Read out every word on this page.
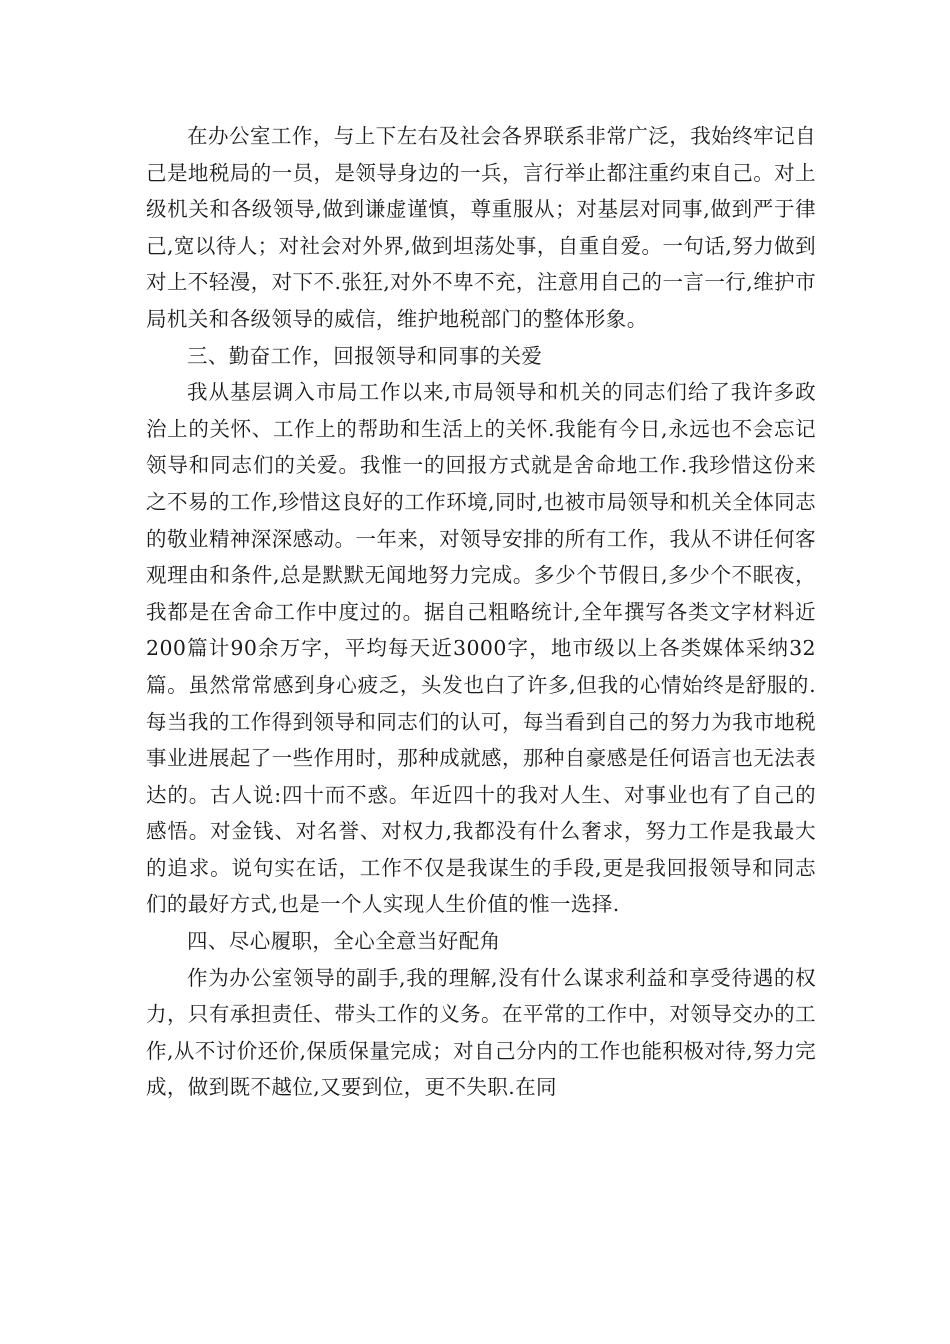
在办公室工作，与上下左右及社会各界联系非常广泛，我始终牢记自己是地税局的一员，是领导身边的一兵，言行举止都注重约束自己。对上级机关和各级领导,做到谦虚谨慎，尊重服从；对基层对同事,做到严于律己,宽以待人；对社会对外界,做到坦荡处事，自重自爱。一句话,努力做到对上不轻漫，对下不.张狂,对外不卑不充，注意用自己的一言一行,维护市局机关和各级领导的威信，维护地税部门的整体形象。

三、勤奋工作，回报领导和同事的关爱

我从基层调入市局工作以来,市局领导和机关的同志们给了我许多政治上的关怀、工作上的帮助和生活上的关怀.我能有今日,永远也不会忘记领导和同志们的关爱。我惟一的回报方式就是舍命地工作.我珍惜这份来之不易的工作,珍惜这良好的工作环境,同时,也被市局领导和机关全体同志的敬业精神深深感动。一年来，对领导安排的所有工作，我从不讲任何客观理由和条件,总是默默无闻地努力完成。多少个节假日,多少个不眠夜，我都是在舍命工作中度过的。据自己粗略统计,全年撰写各类文字材料近200篇计90余万字，平均每天近3000字，地市级以上各类媒体采纳32篇。虽然常常感到身心疲乏，头发也白了许多,但我的心情始终是舒服的.每当我的工作得到领导和同志们的认可，每当看到自己的努力为我市地税事业进展起了一些作用时，那种成就感，那种自豪感是任何语言也无法表达的。古人说:四十而不惑。年近四十的我对人生、对事业也有了自己的感悟。对金钱、对名誉、对权力,我都没有什么奢求，努力工作是我最大的追求。说句实在话，工作不仅是我谋生的手段,更是我回报领导和同志们的最好方式,也是一个人实现人生价值的惟一选择.

四、尽心履职，全心全意当好配角

作为办公室领导的副手,我的理解,没有什么谋求利益和享受待遇的权力，只有承担责任、带头工作的义务。在平常的工作中，对领导交办的工作,从不讨价还价,保质保量完成；对自己分内的工作也能积极对待,努力完成，做到既不越位,又要到位，更不失职.在同
